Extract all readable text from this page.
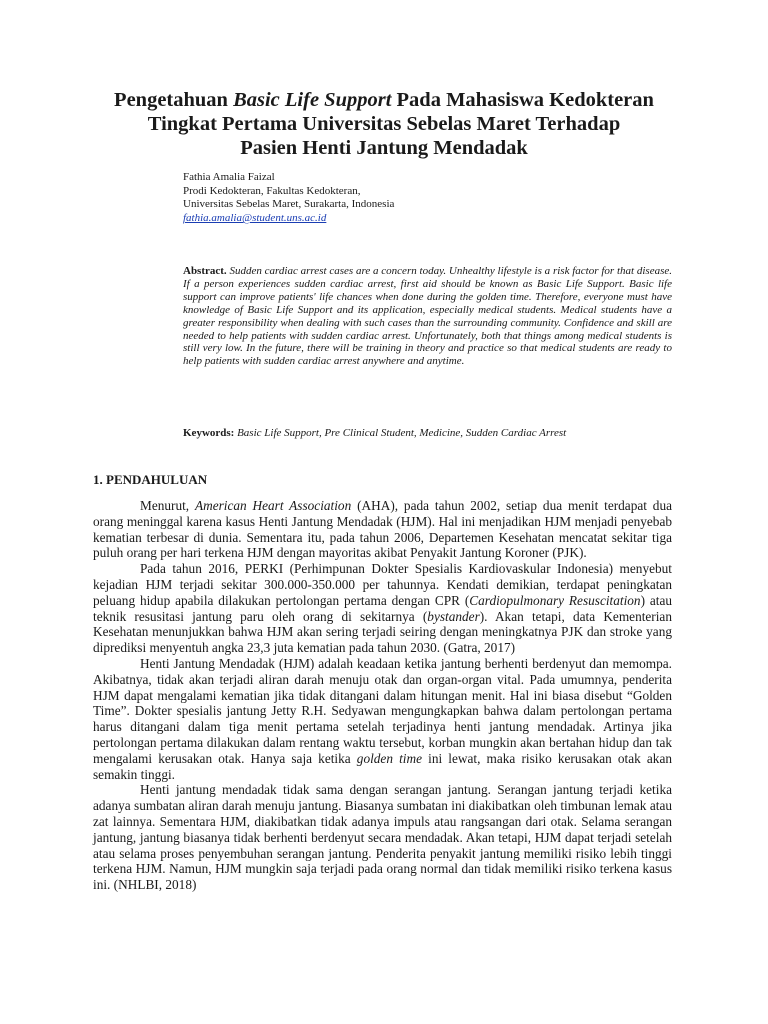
Pengetahuan Basic Life Support Pada Mahasiswa Kedokteran
Tingkat Pertama Universitas Sebelas Maret Terhadap
Pasien Henti Jantung Mendadak
Fathia Amalia Faizal
Prodi Kedokteran, Fakultas Kedokteran,
Universitas Sebelas Maret, Surakarta, Indonesia
fathia.amalia@student.uns.ac.id
Abstract. Sudden cardiac arrest cases are a concern today. Unhealthy lifestyle is a risk factor for that disease. If a person experiences sudden cardiac arrest, first aid should be known as Basic Life Support. Basic life support can improve patients' life chances when done during the golden time. Therefore, everyone must have knowledge of Basic Life Support and its application, especially medical students. Medical students have a greater responsibility when dealing with such cases than the surrounding community. Confidence and skill are needed to help patients with sudden cardiac arrest. Unfortunately, both that things among medical students is still very low. In the future, there will be training in theory and practice so that medical students are ready to help patients with sudden cardiac arrest anywhere and anytime.
Keywords: Basic Life Support, Pre Clinical Student, Medicine, Sudden Cardiac Arrest
1. PENDAHULUAN

Menurut, American Heart Association (AHA), pada tahun 2002, setiap dua menit terdapat dua orang meninggal karena kasus Henti Jantung Mendadak (HJM). Hal ini menjadikan HJM menjadi penyebab kematian terbesar di dunia. Sementara itu, pada tahun 2006, Departemen Kesehatan mencatat sekitar tiga puluh orang per hari terkena HJM dengan mayoritas akibat Penyakit Jantung Koroner (PJK).

Pada tahun 2016, PERKI (Perhimpunan Dokter Spesialis Kardiovaskular Indonesia) menyebut kejadian HJM terjadi sekitar 300.000-350.000 per tahunnya. Kendati demikian, terdapat peningkatan peluang hidup apabila dilakukan pertolongan pertama dengan CPR (Cardiopulmonary Resuscitation) atau teknik resusitasi jantung paru oleh orang di sekitarnya (bystander). Akan tetapi, data Kementerian Kesehatan menunjukkan bahwa HJM akan sering terjadi seiring dengan meningkatnya PJK dan stroke yang diprediksi menyentuh angka 23,3 juta kematian pada tahun 2030. (Gatra, 2017)

Henti Jantung Mendadak (HJM) adalah keadaan ketika jantung berhenti berdenyut dan memompa. Akibatnya, tidak akan terjadi aliran darah menuju otak dan organ-organ vital. Pada umumnya, penderita HJM dapat mengalami kematian jika tidak ditangani dalam hitungan menit. Hal ini biasa disebut “Golden Time”. Dokter spesialis jantung Jetty R.H. Sedyawan mengungkapkan bahwa dalam pertolongan pertama harus ditangani dalam tiga menit pertama setelah terjadinya henti jantung mendadak. Artinya jika pertolongan pertama dilakukan dalam rentang waktu tersebut, korban mungkin akan bertahan hidup dan tak mengalami kerusakan otak. Hanya saja ketika golden time ini lewat, maka risiko kerusakan otak akan semakin tinggi.

Henti jantung mendadak tidak sama dengan serangan jantung. Serangan jantung terjadi ketika adanya sumbatan aliran darah menuju jantung. Biasanya sumbatan ini diakibatkan oleh timbunan lemak atau zat lainnya. Sementara HJM, diakibatkan tidak adanya impuls atau rangsangan dari otak. Selama serangan jantung, jantung biasanya tidak berhenti berdenyut secara mendadak. Akan tetapi, HJM dapat terjadi setelah atau selama proses penyembuhan serangan jantung. Penderita penyakit jantung memiliki risiko lebih tinggi terkena HJM. Namun, HJM mungkin saja terjadi pada orang normal dan tidak memiliki risiko terkena kasus ini. (NHLBI, 2018)
